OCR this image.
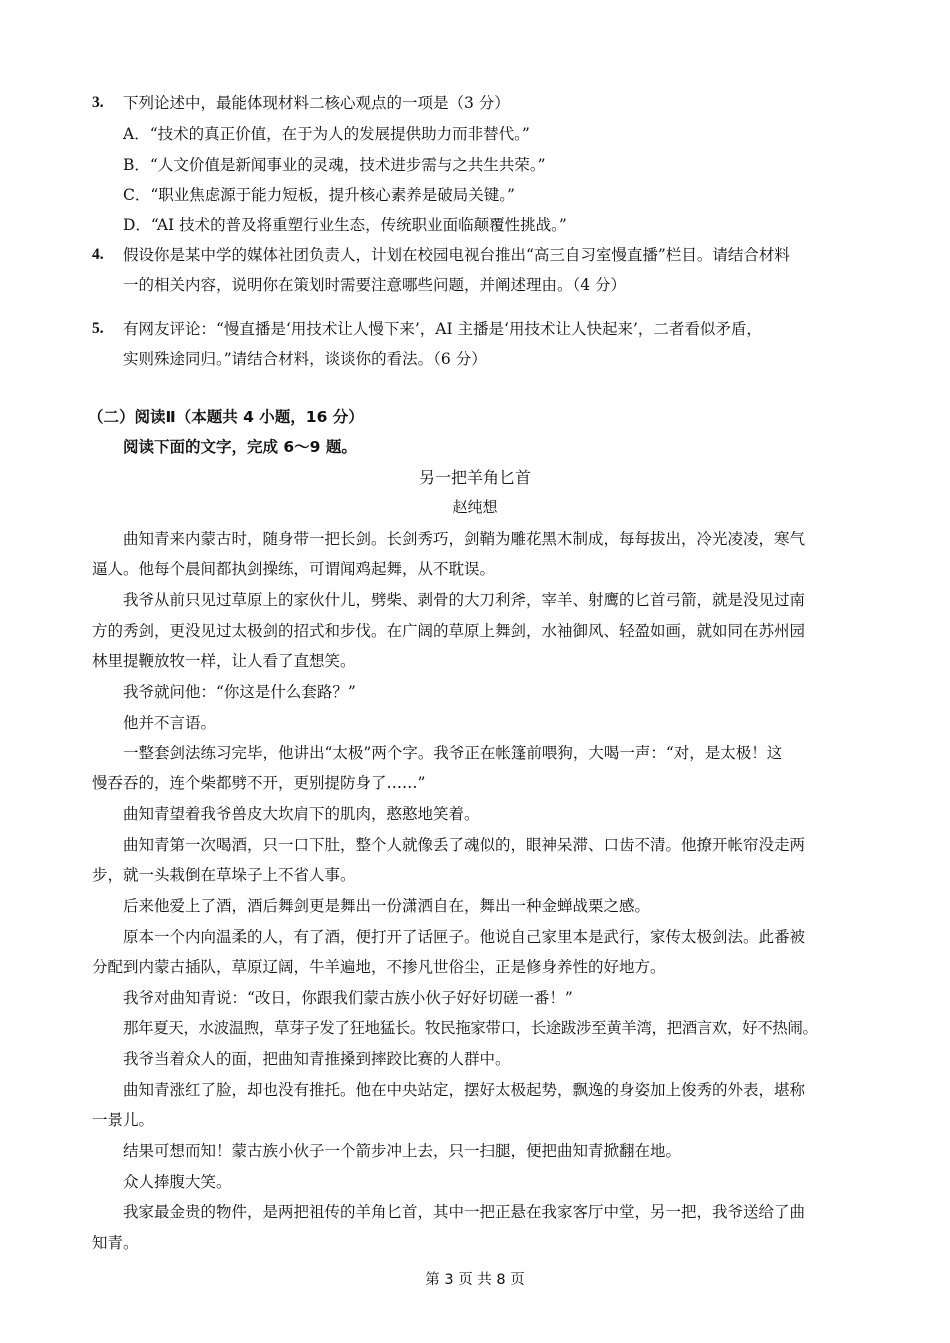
3. 下列论述中，最能体现材料二核心观点的一项是（3 分）
A．“技术的真正价值，在于为人的发展提供助力而非替代。”
B．“人文价值是新闻事业的灵魂，技术进步需与之共生共荣。”
C．“职业焦虑源于能力短板，提升核心素养是破局关键。”
D．“AI 技术的普及将重塑行业生态，传统职业面临颠覆性挑战。”
4. 假设你是某中学的媒体社团负责人，计划在校园电视台推出“高三自习室慢直播”栏目。请结合材料
一的相关内容，说明你在策划时需要注意哪些问题，并阐述理由。（4 分）
5. 有网友评论：“慢直播是‘用技术让人慢下来’，AI 主播是‘用技术让人快起来’，二者看似矛盾，
实则殊途同归。”请结合材料，谈谈你的看法。（6 分）
（二）阅读Ⅱ（本题共 4 小题，16 分）
阅读下面的文字，完成 6～9 题。
另一把羊角匕首
赵纯想
曲知青来内蒙古时，随身带一把长剑。长剑秀巧，剑鞘为雕花黑木制成，每每拔出，冷光凌凌，寒气
逼人。他每个晨间都执剑操练，可谓闻鸡起舞，从不耽误。
我爷从前只见过草原上的家伙什儿，劈柴、剥骨的大刀利斧，宰羊、射鹰的匕首弓箭，就是没见过南
方的秀剑，更没见过太极剑的招式和步伐。在广阔的草原上舞剑，水袖御风、轻盈如画，就如同在苏州园
林里提鞭放牧一样，让人看了直想笑。
我爷就问他：“你这是什么套路？”
他并不言语。
一整套剑法练习完毕，他讲出“太极”两个字。我爷正在帐篷前喂狗，大喝一声：“对，是太极！这
慢吞吞的，连个柴都劈不开，更别提防身了……”
曲知青望着我爷兽皮大坎肩下的肌肉，憨憨地笑着。
曲知青第一次喝酒，只一口下肚，整个人就像丢了魂似的，眼神呆滞、口齿不清。他撩开帐帘没走两
步，就一头栽倒在草垛子上不省人事。
后来他爱上了酒，酒后舞剑更是舞出一份潇洒自在，舞出一种金蝉战栗之感。
原本一个内向温柔的人，有了酒，便打开了话匣子。他说自己家里本是武行，家传太极剑法。此番被
分配到内蒙古插队，草原辽阔，牛羊遍地，不掺凡世俗尘，正是修身养性的好地方。
我爷对曲知青说：“改日，你跟我们蒙古族小伙子好好切磋一番！”
那年夏天，水波温煦，草芽子发了狂地猛长。牧民拖家带口，长途跋涉至黄羊湾，把酒言欢，好不热闹。
我爷当着众人的面，把曲知青推搡到摔跤比赛的人群中。
曲知青涨红了脸，却也没有推托。他在中央站定，摆好太极起势，飘逸的身姿加上俊秀的外表，堪称
一景儿。
结果可想而知！蒙古族小伙子一个箭步冲上去，只一扫腿，便把曲知青掀翻在地。
众人捧腹大笑。
我家最金贵的物件，是两把祖传的羊角匕首，其中一把正悬在我家客厅中堂，另一把，我爷送给了曲
知青。
第 3 页 共 8 页
